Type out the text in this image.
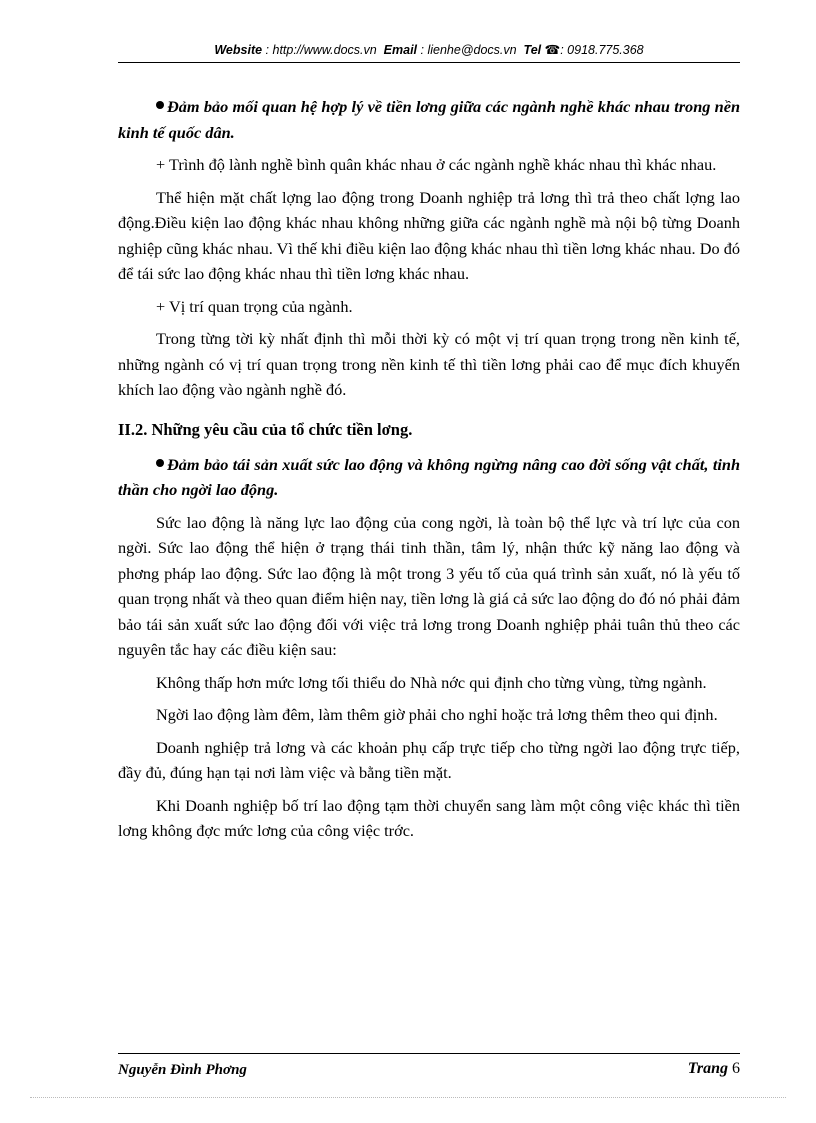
Website : http://www.docs.vn Email : lienhe@docs.vn Tel ☎: 0918.775.368

Đảm bảo mối quan hệ hợp lý về tiền lơng giữa các ngành nghề khác nhau trong nền kinh tế quốc dân.

+ Trình độ lành nghề bình quân khác nhau ở các ngành nghề khác nhau thì khác nhau.

Thể hiện mặt chất lợng lao động trong Doanh nghiệp trả lơng thì trả theo chất lợng lao động.Điều kiện lao động khác nhau không những giữa các ngành nghề mà nội bộ từng Doanh nghiệp cũng khác nhau. Vì thế khi điều kiện lao động khác nhau thì tiền lơng khác nhau. Do đó để tái sức lao động khác nhau thì tiền lơng khác nhau.

+ Vị trí quan trọng của ngành.

Trong từng tời kỳ nhất định thì mỗi thời kỳ có một vị trí quan trọng trong nền kinh tế, những ngành có vị trí quan trọng trong nền kinh tế thì tiền lơng phải cao để mục đích khuyến khích lao động vào ngành nghề đó.

II.2. Những yêu cầu của tổ chức tiền lơng.

Đảm bảo tái sản xuất sức lao động và không ngừng nâng cao đời sống vật chất, tinh thần cho ngời lao động.

Sức lao động là năng lực lao động của cong ngời, là toàn bộ thể lực và trí lực của con ngời. Sức lao động thể hiện ở trạng thái tinh thần, tâm lý, nhận thức kỹ năng lao động và phơng pháp lao động. Sức lao động là một trong 3 yếu tố của quá trình sản xuất, nó là yếu tố quan trọng nhất và theo quan điểm hiện nay, tiền lơng là giá cả sức lao động do đó nó phải đảm bảo tái sản xuất sức lao động đối với việc trả lơng trong Doanh nghiệp phải tuân thủ theo các nguyên tắc hay các điều kiện sau:

Không thấp hơn mức lơng tối thiểu do Nhà nớc qui định cho từng vùng, từng ngành.

Ngời lao động làm đêm, làm thêm giờ phải cho nghỉ hoặc trả lơng thêm theo qui định.

Doanh nghiệp trả lơng và các khoản phụ cấp trực tiếp cho từng ngời lao động trực tiếp, đầy đủ, đúng hạn tại nơi làm việc và bằng tiền mặt.

Khi Doanh nghiệp bố trí lao động tạm thời chuyển sang làm một công việc khác thì tiền lơng không đợc mức lơng của công việc trớc.

Nguyễn Đình Phơng	Trang 6
